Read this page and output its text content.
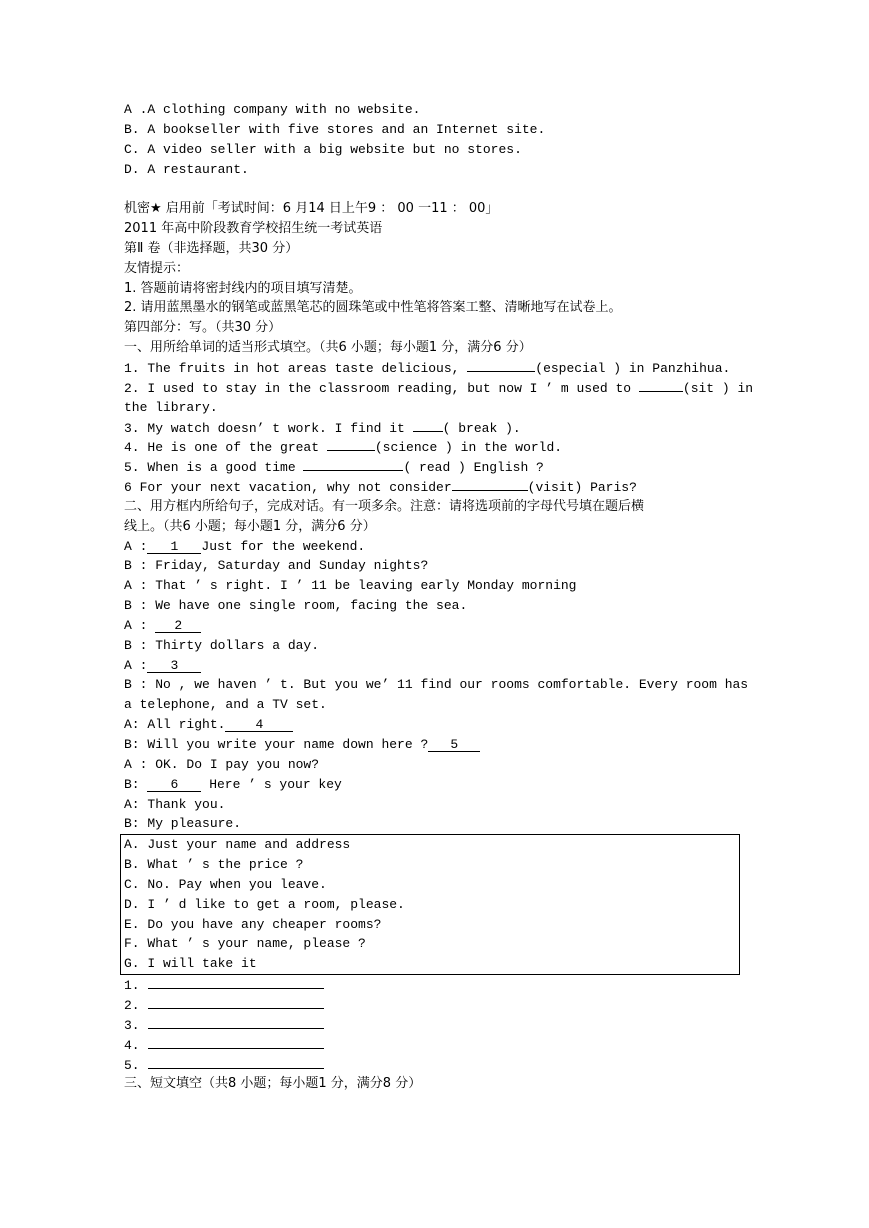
A .A clothing company with no website.
B. A bookseller with five stores and an Internet site.
C. A video seller with a big website but no stores.
D. A restaurant.
机密★ 启用前「考试时间：6 月14 日上午9 ： 00 一11 ： 00」
2011 年高中阶段教育学校招生统一考试英语
第Ⅱ 卷（非选择题，共30 分）
友情提示：
1. 答题前请将密封线内的项目填写清楚。
2. 请用蓝黑墨水的钢笔或蓝黑笔芯的圆珠笔或中性笔将答案工整、清晰地写在试卷上。
第四部分：写。（共30 分）
一、用所给单词的适当形式填空。（共6 小题；每小题1 分，满分6 分）
1. The fruits in hot areas taste delicious,	(especial ) in Panzhihua.
2. I used to stay in the classroom reading, but now I ’ m used to	(sit ) in
the library.
3. My watch doesn’ t work. I find it ( break ).
4. He is one of the great	(science ) in the world.
5. When is a good time	( read ) English ?
6 For your next vacation, why not consider	(visit) Paris?
二、用方框内所给句子，完成对话。有一项多余。注意：请将选项前的字母代号填在题后横
线上。（共6 小题；每小题1 分，满分6 分）
A : 1 Just for the weekend.
B : Friday, Saturday and Sunday nights?
A : That ’ s right. I ’ 11 be leaving early Monday morning
B : We have one single room, facing the sea.
A : 2
B : Thirty dollars a day.
A : 3
B : No , we haven ’ t. But you we’ 11 find our rooms comfortable. Every room has
a telephone, and a TV set.
A: All right. 4
B: Will you write your name down here ? 5
A : OK. Do I pay you now?
B: 6 Here ’ s your key
A: Thank you.
B: My pleasure.
A. Just your name and address
B. What ’ s the price ?
C. No. Pay when you leave.
D. I ’ d like to get a room, please.
E. Do you have any cheaper rooms?
F. What ’ s your name, please ?
G. I will take it
1.
2.
3.
4.
5.
三、短文填空（共8 小题；每小题1 分，满分8 分）
